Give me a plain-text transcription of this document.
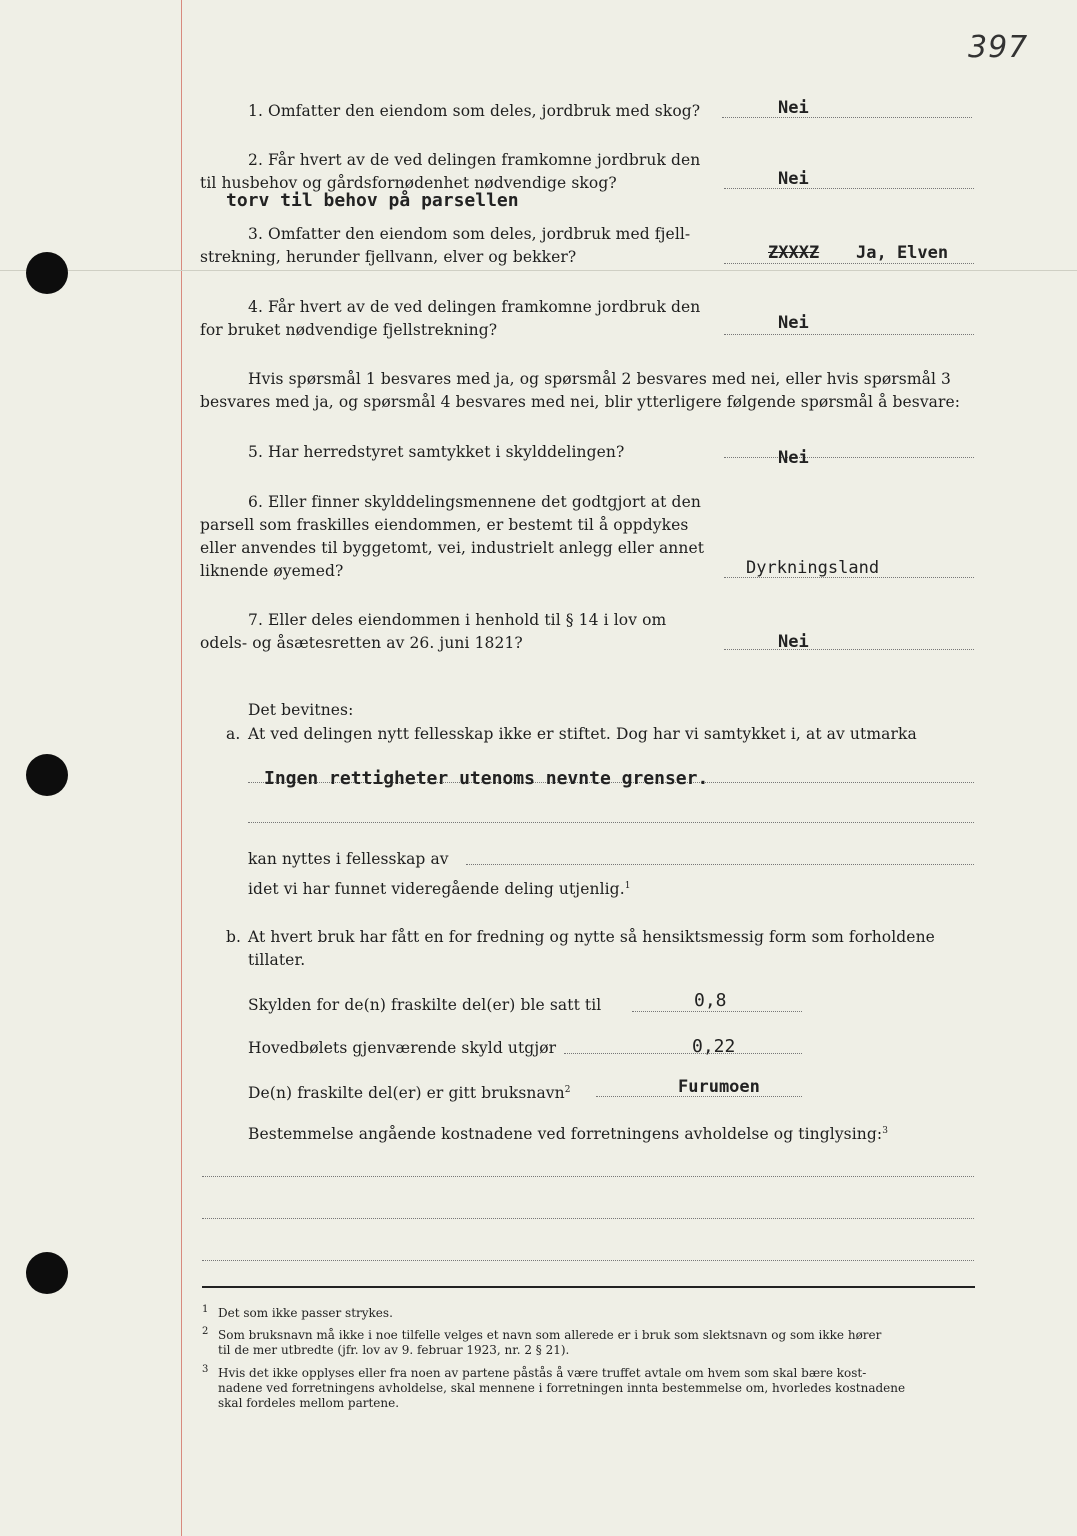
397
1. Omfatter den eiendom som deles, jordbruk med skog?	Nei
2. Får hvert av de ved delingen framkomne jordbruk den
til husbehov og gårdsfornødenhet nødvendige skog?	Nei
torv til behov på parsellen
3. Omfatter den eiendom som deles, jordbruk med fjell-
strekning, herunder fjellvann, elver og bekker?	ZXXXZ Ja, Elven
4. Får hvert av de ved delingen framkomne jordbruk den
for bruket nødvendige fjellstrekning?	Nei
Hvis spørsmål 1 besvares med ja, og spørsmål 2 besvares med nei, eller hvis spørsmål 3
besvares med ja, og spørsmål 4 besvares med nei, blir ytterligere følgende spørsmål å besvare:
5. Har herredstyret samtykket i skylddelingen?	Nei
6. Eller finner skylddelingsmennene det godtgjort at den
parsell som fraskilles eiendommen, er bestemt til å oppdykes
eller anvendes til byggetomt, vei, industrielt anlegg eller annet
liknende øyemed?	Dyrkningsland
7. Eller deles eiendommen i henhold til § 14 i lov om
odels- og åsætesretten av 26. juni 1821?	Nei
Det bevitnes:
a. At ved delingen nytt fellesskap ikke er stiftet. Dog har vi samtykket i, at av utmarka
Ingen rettigheter utenoms nevnte grenser.
kan nyttes i fellesskap av
idet vi har funnet videregående deling utjenlig.$^1$
b. At hvert bruk har fått en for fredning og nytte så hensiktsmessig form som forholdene
tillater.
Skylden for de(n) fraskilte del(er) ble satt til	0,8
Hovedbølets gjenværende skyld utgjør	0,22
De(n) fraskilte del(er) er gitt bruksnavn$^2$	Furumoen
Bestemmelse angående kostnadene ved forretningens avholdelse og tinglysing:$^3$
1 Det som ikke passer strykes.
2 Som bruksnavn må ikke i noe tilfelle velges et navn som allerede er i bruk som slektsnavn og som ikke hører
til de mer utbredte (jfr. lov av 9. februar 1923, nr. 2 § 21).
3 Hvis det ikke opplyses eller fra noen av partene påstås å være truffet avtale om hvem som skal bære kost-
nadene ved forretningens avholdelse, skal mennene i forretningen innta bestemmelse om, hvorledes kostnadene
skal fordeles mellom partene.
